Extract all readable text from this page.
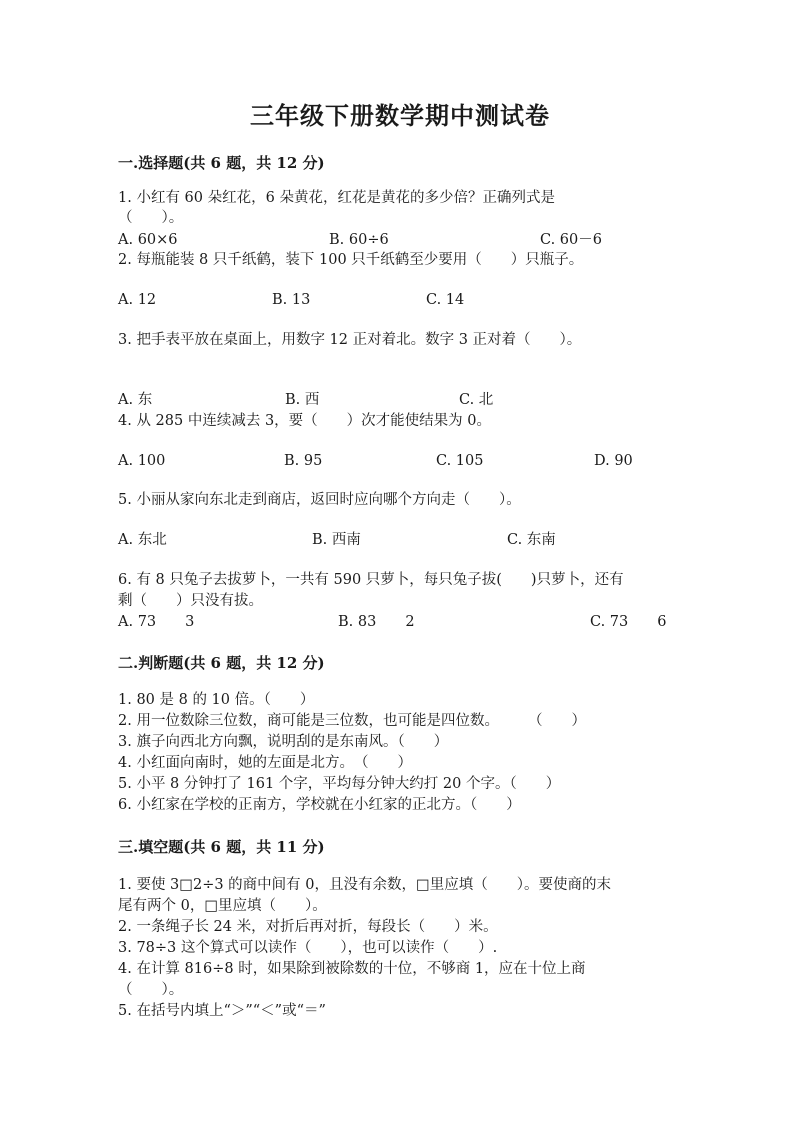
三年级下册数学期中测试卷
一.选择题(共 6 题，共 12 分)
1. 小红有 60 朵红花，6 朵黄花，红花是黄花的多少倍？正确列式是
（　　）。
A. 60×6	B. 60÷6	C. 60－6
2. 每瓶能装 8 只千纸鹤，装下 100 只千纸鹤至少要用（　　）只瓶子。
A. 12	B. 13	C. 14
3. 把手表平放在桌面上，用数字 12 正对着北。数字 3 正对着（　　）。
A. 东	B. 西	C. 北
4. 从 285 中连续减去 3，要（　　）次才能使结果为 0。
A. 100	B. 95	C. 105	D. 90
5. 小丽从家向东北走到商店，返回时应向哪个方向走（　　）。
A. 东北	B. 西南	C. 东南
6. 有 8 只兔子去拔萝卜，一共有 590 只萝卜，每只兔子拔(　　)只萝卜，还有
剩（　　）只没有拔。
A. 73　　3	B. 83　　2	C. 73　　6
二.判断题(共 6 题，共 12 分)
1. 80 是 8 的 10 倍。（　　）
2. 用一位数除三位数，商可能是三位数，也可能是四位数。　　　（　　）
3. 旗子向西北方向飘，说明刮的是东南风。（　　）
4. 小红面向南时，她的左面是北方。　（　　）
5. 小平 8 分钟打了 161 个字，平均每分钟大约打 20 个字。（　　）
6. 小红家在学校的正南方，学校就在小红家的正北方。（　　）
三.填空题(共 6 题，共 11 分)
1. 要使 3□2÷3 的商中间有 0，且没有余数，□里应填（　　）。要使商的末
尾有两个 0，□里应填（　　）。
2. 一条绳子长 24 米，对折后再对折，每段长（　　）米。
3. 78÷3 这个算式可以读作（　　），也可以读作（　　）.
4. 在计算 816÷8 时，如果除到被除数的十位，不够商 1，应在十位上商
（　　）。
5. 在括号内填上“＞”“＜”或“＝”
